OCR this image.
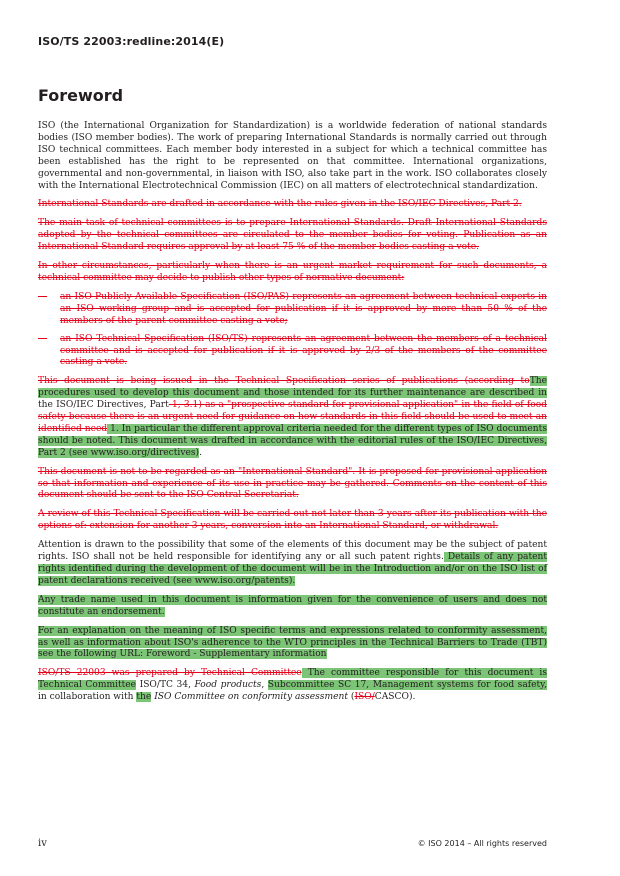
ISO/TS 22003:redline:2014(E)
Foreword

ISO (the International Organization for Standardization) is a worldwide federation of national standards bodies (ISO member bodies). The work of preparing International Standards is normally carried out through ISO technical committees. Each member body interested in a subject for which a technical committee has been established has the right to be represented on that committee. International organizations, governmental and non-governmental, in liaison with ISO, also take part in the work. ISO collaborates closely with the International Electrotechnical Commission (IEC) on all matters of electrotechnical standardization.

International Standards are drafted in accordance with the rules given in the ISO/IEC Directives, Part 2.

The main task of technical committees is to prepare International Standards. Draft International Standards adopted by the technical committees are circulated to the member bodies for voting. Publication as an International Standard requires approval by at least 75 % of the member bodies casting a vote.

In other circumstances, particularly when there is an urgent market requirement for such documents, a technical committee may decide to publish other types of normative document:

—	an ISO Publicly Available Specification (ISO/PAS) represents an agreement between technical experts in an ISO working group and is accepted for publication if it is approved by more than 50 % of the members of the parent committee casting a vote;
—	an ISO Technical Specification (ISO/TS) represents an agreement between the members of a technical committee and is accepted for publication if it is approved by 2/3 of the members of the committee casting a vote.

This document is being issued in the Technical Specification series of publications (according toThe procedures used to develop this document and those intended for its further maintenance are described in the ISO/IEC Directives, Part 1, 3.1) as a "prospective standard for provisional application" in the field of food safety because there is an urgent need for guidance on how standards in this field should be used to meet an identified need 1. In particular the different approval criteria needed for the different types of ISO documents should be noted. This document was drafted in accordance with the editorial rules of the ISO/IEC Directives, Part 2 (see www.iso.org/directives).

This document is not to be regarded as an "International Standard". It is proposed for provisional application so that information and experience of its use in practice may be gathered. Comments on the content of this document should be sent to the ISO Central Secretariat.

A review of this Technical Specification will be carried out not later than 3 years after its publication with the options of: extension for another 3 years, conversion into an International Standard, or withdrawal.

Attention is drawn to the possibility that some of the elements of this document may be the subject of patent rights. ISO shall not be held responsible for identifying any or all such patent rights. Details of any patent rights identified during the development of the document will be in the Introduction and/or on the ISO list of patent declarations received (see www.iso.org/patents).

Any trade name used in this document is information given for the convenience of users and does not constitute an endorsement.

For an explanation on the meaning of ISO specific terms and expressions related to conformity assessment, as well as information about ISO's adherence to the WTO principles in the Technical Barriers to Trade (TBT) see the following URL: Foreword - Supplementary information

ISO/TS 22003 was prepared by Technical Committee The committee responsible for this document is Technical Committee ISO/TC 34, Food products, Subcommittee SC 17, Management systems for food safety, in collaboration with the ISO Committee on conformity assessment (ISO/CASCO).

iv	© ISO 2014 – All rights reserved
